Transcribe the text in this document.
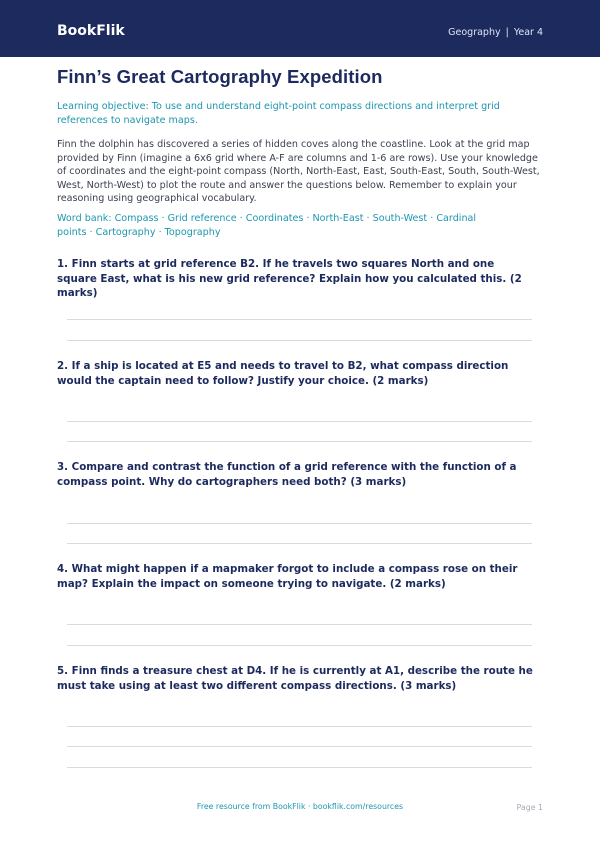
BookFlik	Geography | Year 4
Finn’s Great Cartography Expedition

Learning objective: To use and understand eight-point compass directions and interpret grid references to navigate maps.

Finn the dolphin has discovered a series of hidden coves along the coastline. Look at the grid map provided by Finn (imagine a 6x6 grid where A-F are columns and 1-6 are rows). Use your knowledge of coordinates and the eight-point compass (North, North-East, East, South-East, South, South-West, West, North-West) to plot the route and answer the questions below. Remember to explain your reasoning using geographical vocabulary.

Word bank: Compass · Grid reference · Coordinates · North-East · South-West · Cardinal points · Cartography · Topography

1. Finn starts at grid reference B2. If he travels two squares North and one square East, what is his new grid reference? Explain how you calculated this. (2 marks)

2. If a ship is located at E5 and needs to travel to B2, what compass direction would the captain need to follow? Justify your choice. (2 marks)

3. Compare and contrast the function of a grid reference with the function of a compass point. Why do cartographers need both? (3 marks)

4. What might happen if a mapmaker forgot to include a compass rose on their map? Explain the impact on someone trying to navigate. (2 marks)

5. Finn finds a treasure chest at D4. If he is currently at A1, describe the route he must take using at least two different compass directions. (3 marks)

Free resource from BookFlik · bookflik.com/resources	Page 1
